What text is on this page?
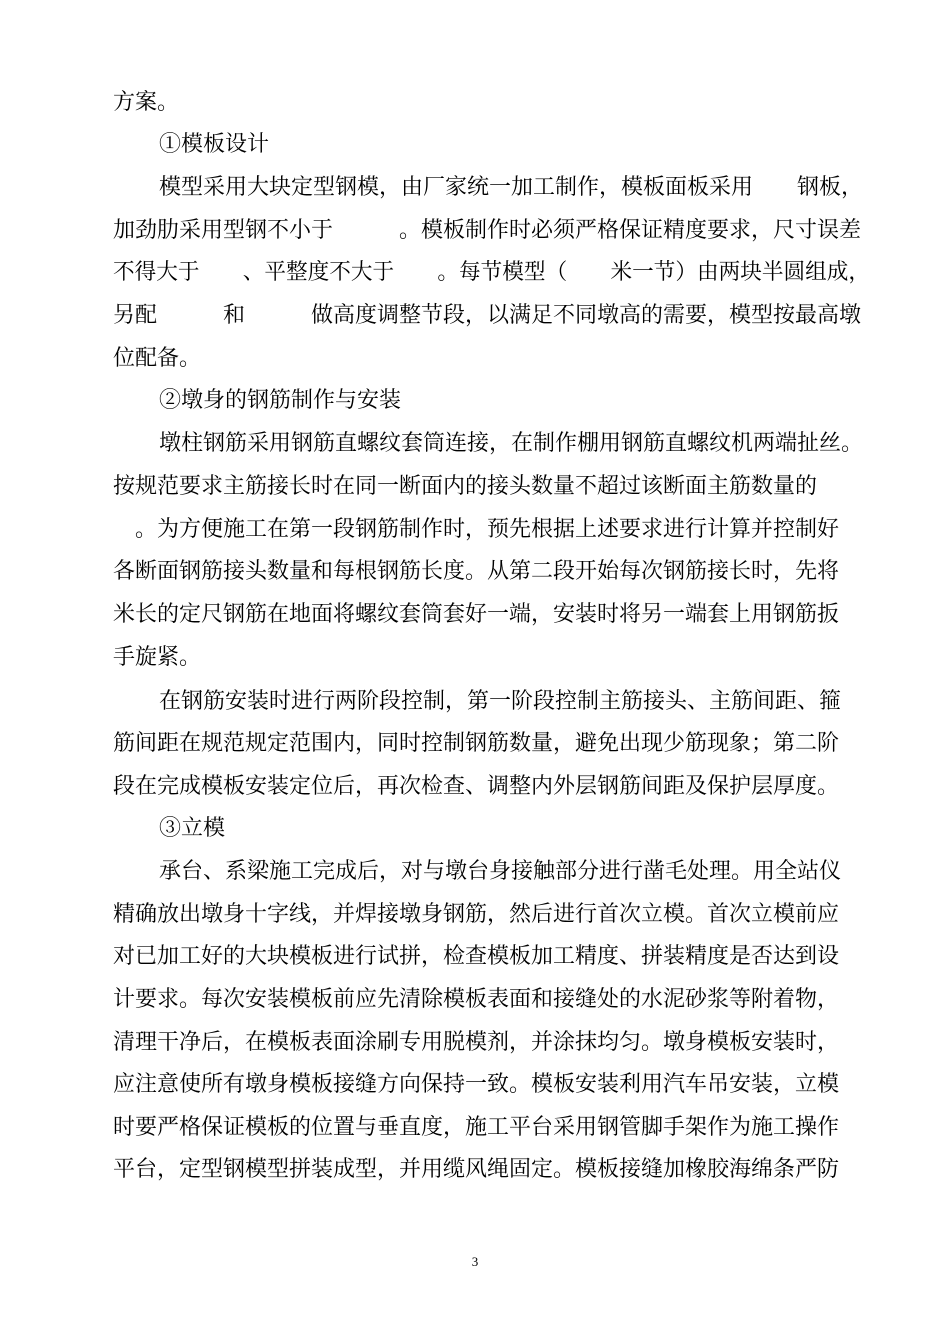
方案。
①模板设计
模型采用大块定型钢模，由厂家统一加工制作，模板面板采用　　钢板，
加劲肋采用型钢不小于　　　。模板制作时必须严格保证精度要求，尺寸误差
不得大于　　、平整度不大于　　。每节模型（　　米一节）由两块半圆组成，
另配　　　和　　　做高度调整节段，以满足不同墩高的需要，模型按最高墩
位配备。
②墩身的钢筋制作与安装
墩柱钢筋采用钢筋直螺纹套筒连接，在制作棚用钢筋直螺纹机两端扯丝。
按规范要求主筋接长时在同一断面内的接头数量不超过该断面主筋数量的
　。为方便施工在第一段钢筋制作时，预先根据上述要求进行计算并控制好
各断面钢筋接头数量和每根钢筋长度。从第二段开始每次钢筋接长时，先将
米长的定尺钢筋在地面将螺纹套筒套好一端，安装时将另一端套上用钢筋扳
手旋紧。
在钢筋安装时进行两阶段控制，第一阶段控制主筋接头、主筋间距、箍
筋间距在规范规定范围内，同时控制钢筋数量，避免出现少筋现象；第二阶
段在完成模板安装定位后，再次检查、调整内外层钢筋间距及保护层厚度。
③立模
承台、系梁施工完成后，对与墩台身接触部分进行凿毛处理。用全站仪
精确放出墩身十字线，并焊接墩身钢筋，然后进行首次立模。首次立模前应
对已加工好的大块模板进行试拼，检查模板加工精度、拼装精度是否达到设
计要求。每次安装模板前应先清除模板表面和接缝处的水泥砂浆等附着物，
清理干净后，在模板表面涂刷专用脱模剂，并涂抹均匀。墩身模板安装时，
应注意使所有墩身模板接缝方向保持一致。模板安装利用汽车吊安装，立模
时要严格保证模板的位置与垂直度，施工平台采用钢管脚手架作为施工操作
平台，定型钢模型拼装成型，并用缆风绳固定。模板接缝加橡胶海绵条严防
3
